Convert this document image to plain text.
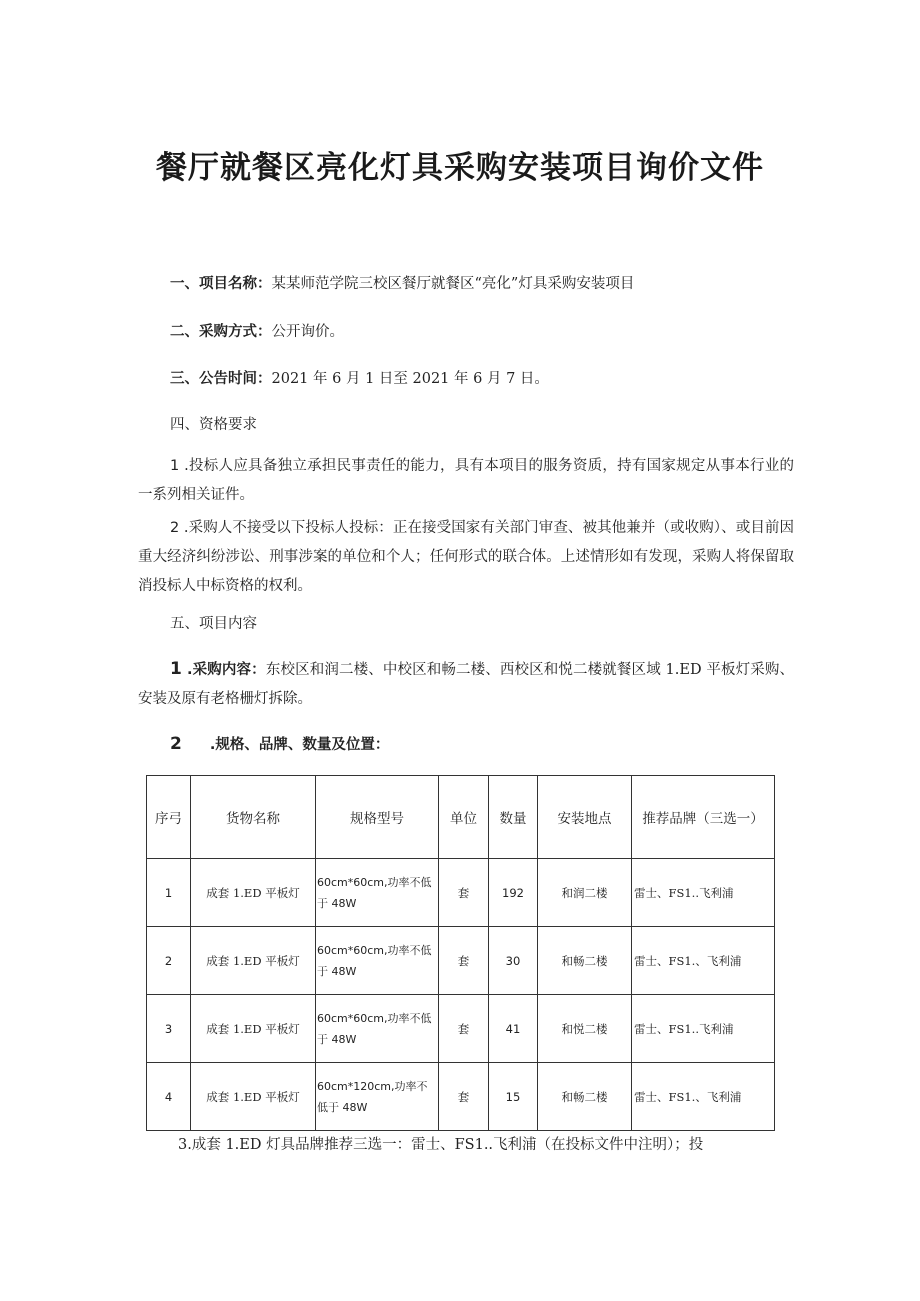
餐厅就餐区亮化灯具采购安装项目询价文件
一、项目名称：某某师范学院三校区餐厅就餐区“亮化”灯具采购安装项目
二、采购方式：公开询价。
三、公告时间：2021 年 6 月 1 日至 2021 年 6 月 7 日。
四、资格要求

1 .投标人应具备独立承担民事责任的能力，具有本项目的服务资质，持有国家规定从事本行业的一系列相关证件。

2 .采购人不接受以下投标人投标：正在接受国家有关部门审查、被其他兼并（或收购）、或目前因重大经济纠纷涉讼、刑事涉案的单位和个人；任何形式的联合体。上述情形如有发现，采购人将保留取消投标人中标资格的权利。

五、项目内容

1 .采购内容：东校区和润二楼、中校区和畅二楼、西校区和悦二楼就餐区域 1.ED 平板灯采购、安装及原有老格栅灯拆除。

2 .规格、品牌、数量及位置：
序弓	货物名称	规格型号	单位	数量	安装地点	推荐品牌（三选一）
1	成套 1.ED 平板灯	60cm*60cm,功率不低于 48W	套	192	和润二楼	雷士、FS1..飞利浦
2	成套 1.ED 平板灯	60cm*60cm,功率不低于 48W	套	30	和畅二楼	雷士、FS1.、飞利浦
3	成套 1.ED 平板灯	60cm*60cm,功率不低于 48W	套	41	和悦二楼	雷士、FS1..飞利浦
4	成套 1.ED 平板灯	60cm*120cm,功率不低于 48W	套	15	和畅二楼	雷士、FS1.、飞利浦
3.成套 1.ED 灯具品牌推荐三选一：雷士、FS1..飞利浦（在投标文件中注明）；投
